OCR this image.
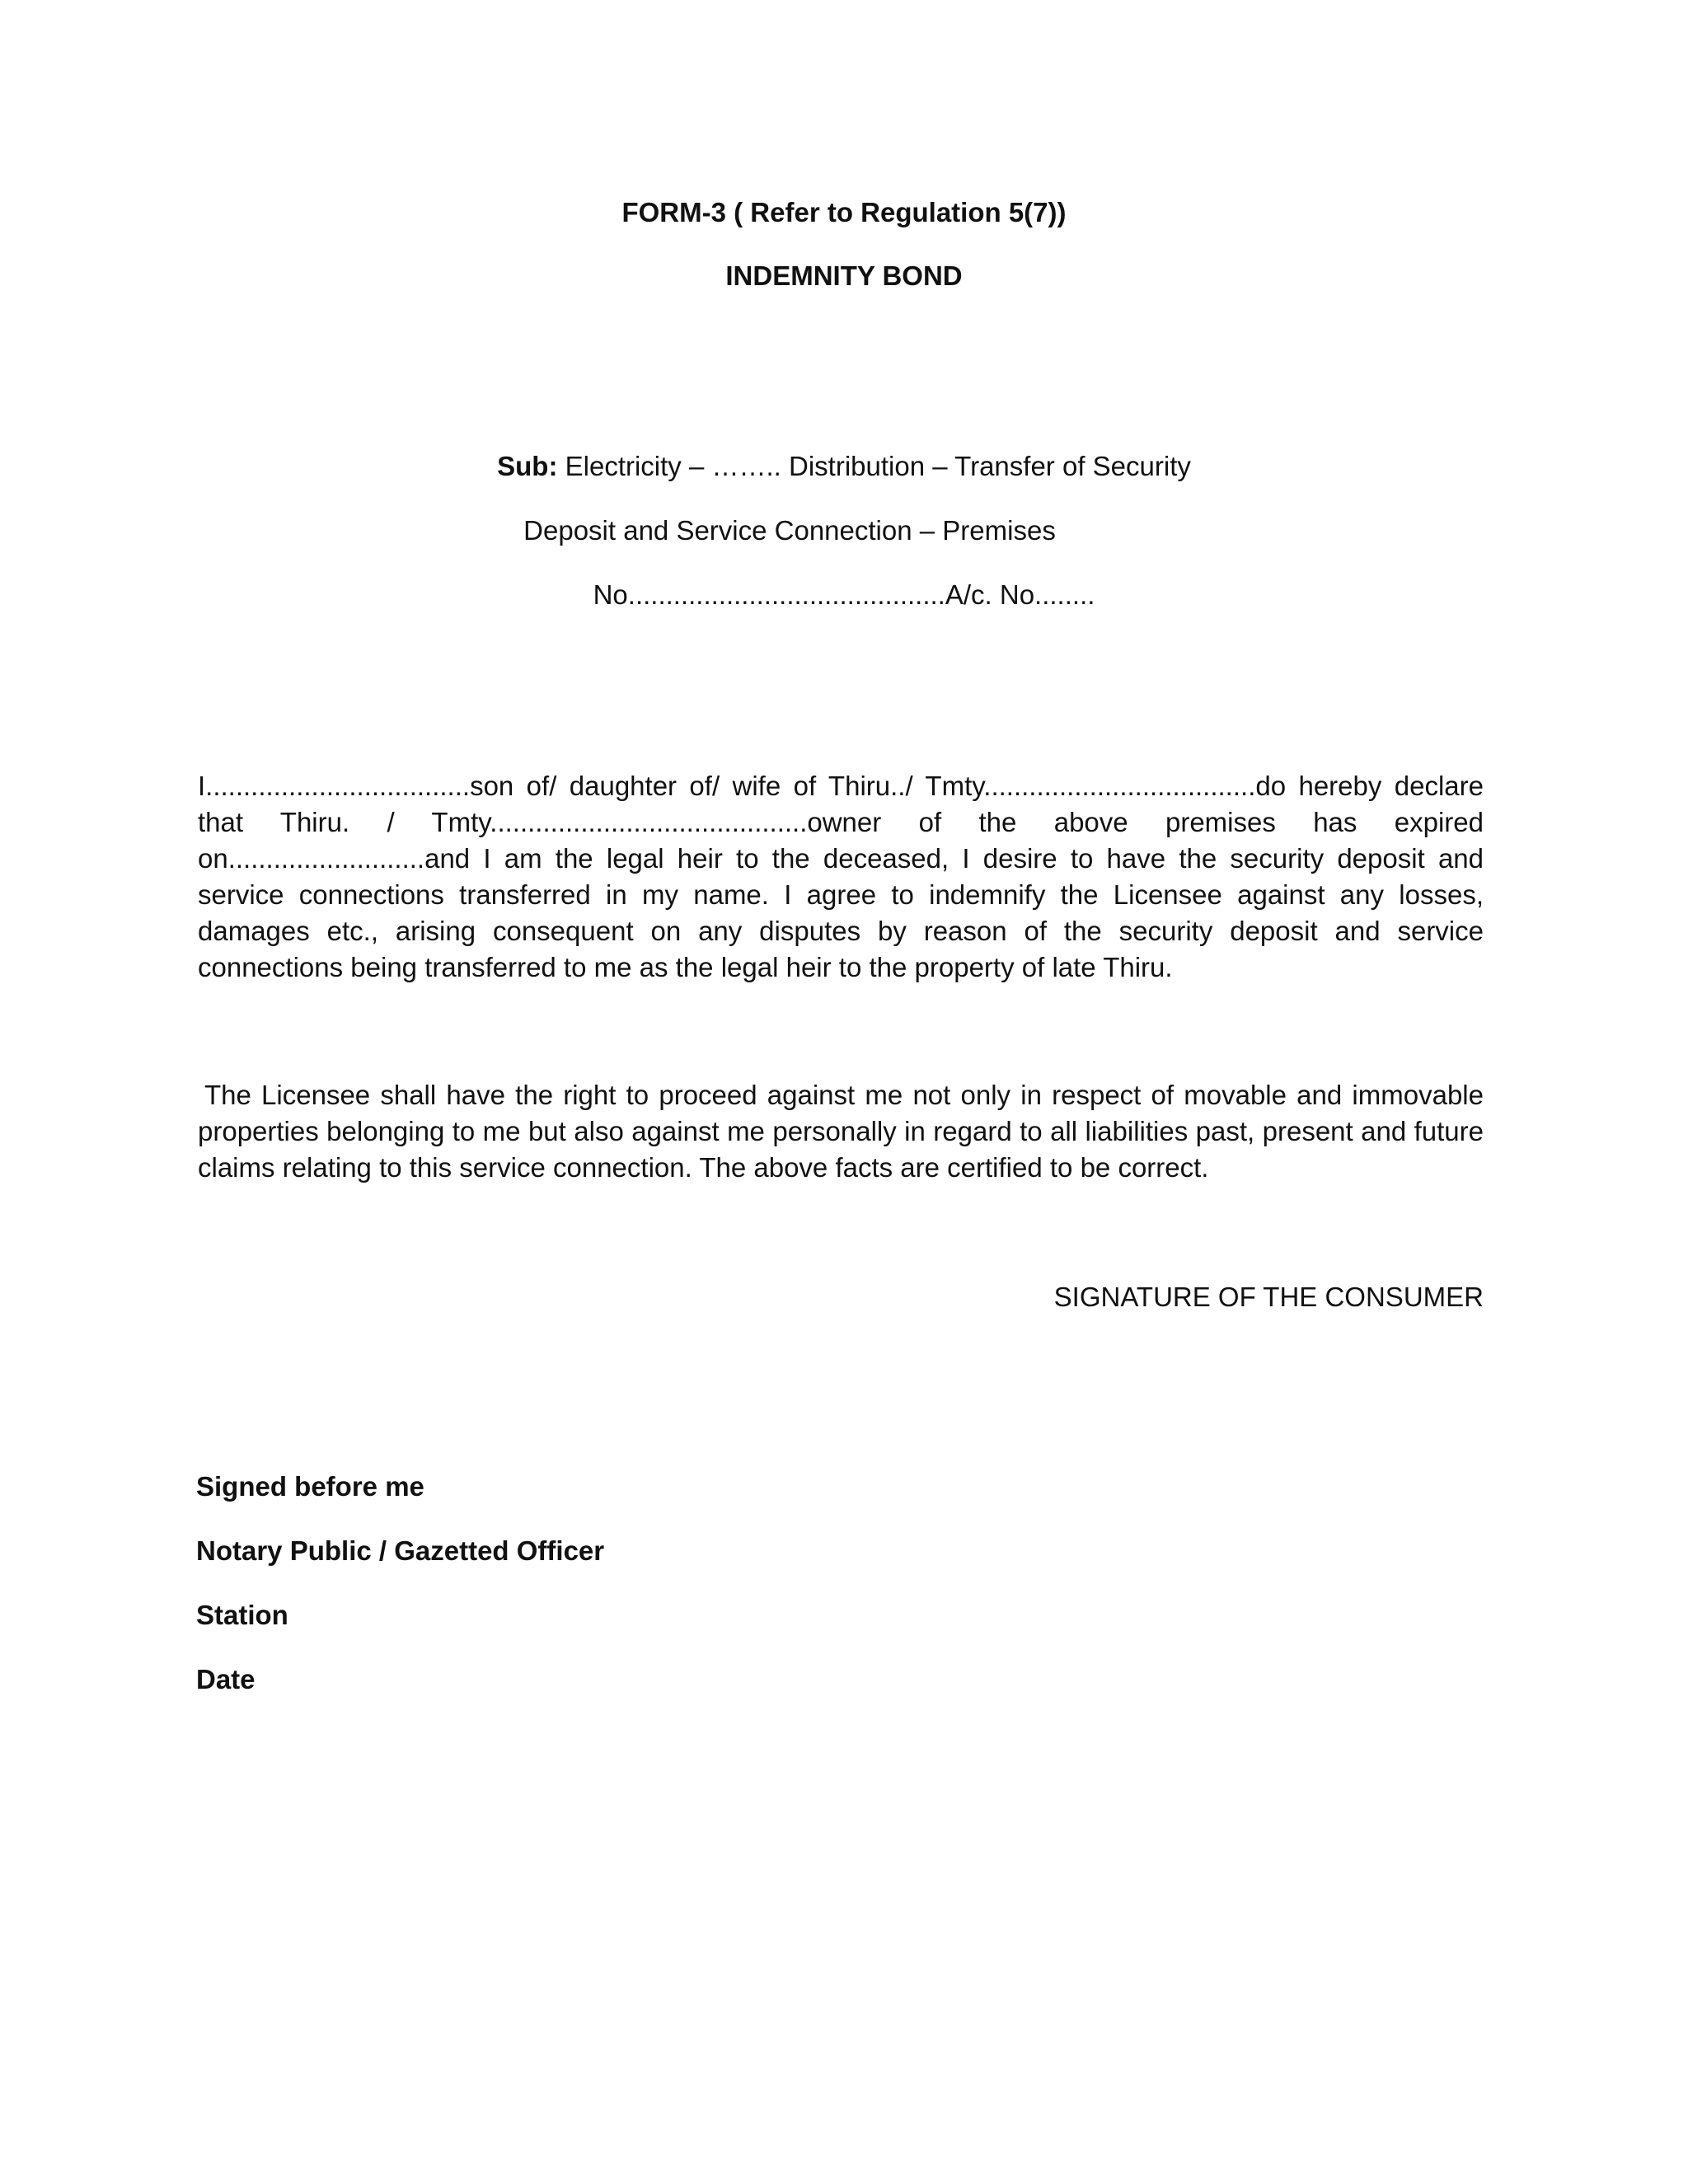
FORM-3 ( Refer to Regulation 5(7))
INDEMNITY BOND
Sub: Electricity – …….. Distribution – Transfer of Security
Deposit and Service Connection – Premises
No..........................................A/c. No........
I...................................son of/ daughter of/ wife of Thiru../ Tmty....................................do hereby declare that Thiru. / Tmty..........................................owner of the above premises has expired on..........................and I am the legal heir to the deceased, I desire to have the security deposit and service connections transferred in my name. I agree to indemnify the Licensee against any losses, damages etc., arising consequent on any disputes by reason of the security deposit and service connections being transferred to me as the legal heir to the property of late Thiru.
The Licensee shall have the right to proceed against me not only in respect of movable and immovable properties belonging to me but also against me personally in regard to all liabilities past, present and future claims relating to this service connection. The above facts are certified to be correct.
SIGNATURE OF THE CONSUMER
Signed before me
Notary Public / Gazetted Officer
Station
Date
